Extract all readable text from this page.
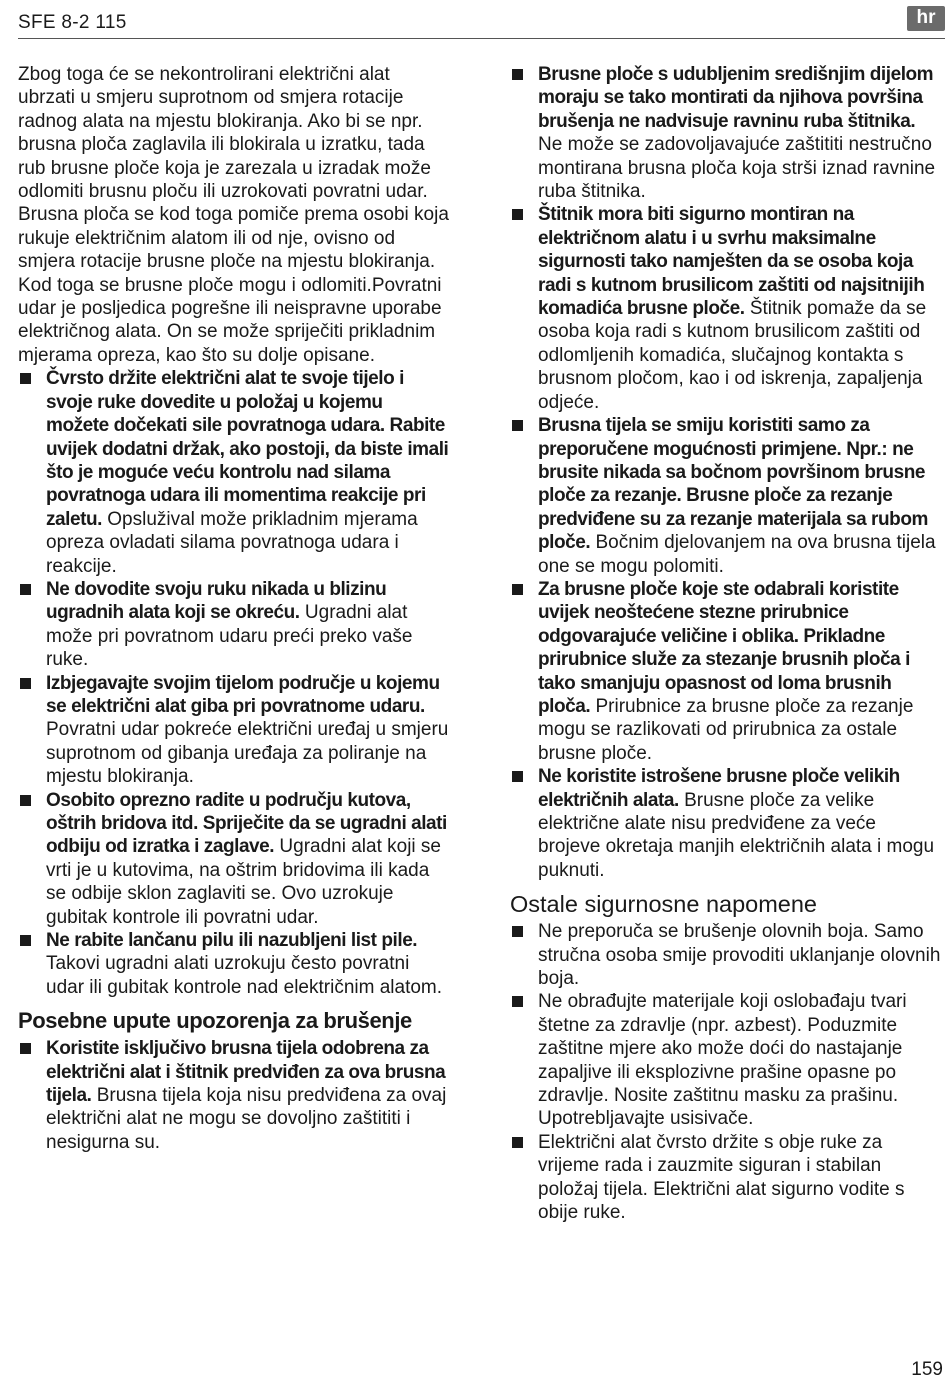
SFE 8-2 115	hr

Zbog toga će se nekontrolirani električni alat ubrzati u smjeru suprotnom od smjera rotacije radnog alata na mjestu blokiranja. Ako bi se npr. brusna ploča zaglavila ili blokirala u izratku, tada rub brusne ploče koja je zarezala u izradak može odlomiti brusnu ploču ili uzrokovati povratni udar. Brusna ploča se kod toga pomiče prema osobi koja rukuje električnim alatom ili od nje, ovisno od smjera rotacije brusne ploče na mjestu blokiranja. Kod toga se brusne ploče mogu i odlomiti.Povratni udar je posljedica pogrešne ili neispravne uporabe električnog alata. On se može spriječiti prikladnim mjerama opreza, kao što su dolje opisane.

Čvrsto držite električni alat te svoje tijelo i svoje ruke dovedite u položaj u kojemu možete dočekati sile povratnoga udara. Rabite uvijek dodatni držak, ako postoji, da biste imali što je moguće veću kontrolu nad silama povratnoga udara ili momentima reakcije pri zaletu. Opslužival može prikladnim mjerama opreza ovladati silama povratnoga udara i reakcije.
Ne dovodite svoju ruku nikada u blizinu ugradnih alata koji se okreću. Ugradni alat može pri povratnom udaru preći preko vaše ruke.
Izbjegavajte svojim tijelom područje u kojemu se električni alat giba pri povratnome udaru. Povratni udar pokreće električni uređaj u smjeru suprotnom od gibanja uređaja za poliranje na mjestu blokiranja.
Osobito oprezno radite u području kutova, oštrih bridova itd. Spriječite da se ugradni alati odbiju od izratka i zaglave. Ugradni alat koji se vrti je u kutovima, na oštrim bridovima ili kada se odbije sklon zaglaviti se. Ovo uzrokuje gubitak kontrole ili povratni udar.
Ne rabite lančanu pilu ili nazubljeni list pile. Takovi ugradni alati uzrokuju često povratni udar ili gubitak kontrole nad električnim alatom.

Posebne upute upozorenja za brušenje

Koristite isključivo brusna tijela odobrena za električni alat i štitnik predviđen za ova brusna tijela. Brusna tijela koja nisu predviđena za ovaj električni alat ne mogu se dovoljno zaštititi i nesigurna su.
Brusne ploče s udubljenim središnjim dijelom moraju se tako montirati da njihova površina brušenja ne nadvisuje ravninu ruba štitnika. Ne može se zadovoljavajuće zaštititi nestručno montirana brusna ploča koja strši iznad ravnine ruba štitnika.
Štitnik mora biti sigurno montiran na električnom alatu i u svrhu maksimalne sigurnosti tako namješten da se osoba koja radi s kutnom brusilicom zaštiti od najsitnijih komadića brusne ploče. Štitnik pomaže da se osoba koja radi s kutnom brusilicom zaštiti od odlomljenih komadića, slučajnog kontakta s brusnom pločom, kao i od iskrenja, zapaljenja odjeće.
Brusna tijela se smiju koristiti samo za preporučene mogućnosti primjene. Npr.: ne brusite nikada sa bočnom površinom brusne ploče za rezanje. Brusne ploče za rezanje predviđene su za rezanje materijala sa rubom ploče. Bočnim djelovanjem na ova brusna tijela one se mogu polomiti.
Za brusne ploče koje ste odabrali koristite uvijek neoštećene stezne prirubnice odgovarajuće veličine i oblika. Prikladne prirubnice služe za stezanje brusnih ploča i tako smanjuju opasnost od loma brusnih ploča. Prirubnice za brusne ploče za rezanje mogu se razlikovati od prirubnica za ostale brusne ploče.
Ne koristite istrošene brusne ploče velikih električnih alata. Brusne ploče za velike električne alate nisu predviđene za veće brojeve okretaja manjih električnih alata i mogu puknuti.

Ostale sigurnosne napomene

Ne preporuča se brušenje olovnih boja. Samo stručna osoba smije provoditi uklanjanje olovnih boja.
Ne obrađujte materijale koji oslobađaju tvari štetne za zdravlje (npr. azbest). Poduzmite zaštitne mjere ako može doći do nastajanje zapaljive ili eksplozivne prašine opasne po zdravlje. Nosite zaštitnu masku za prašinu. Upotrebljavajte usisivače.
Električni alat čvrsto držite s obje ruke za vrijeme rada i zauzmite siguran i stabilan položaj tijela. Električni alat sigurno vodite s obije ruke.
159
